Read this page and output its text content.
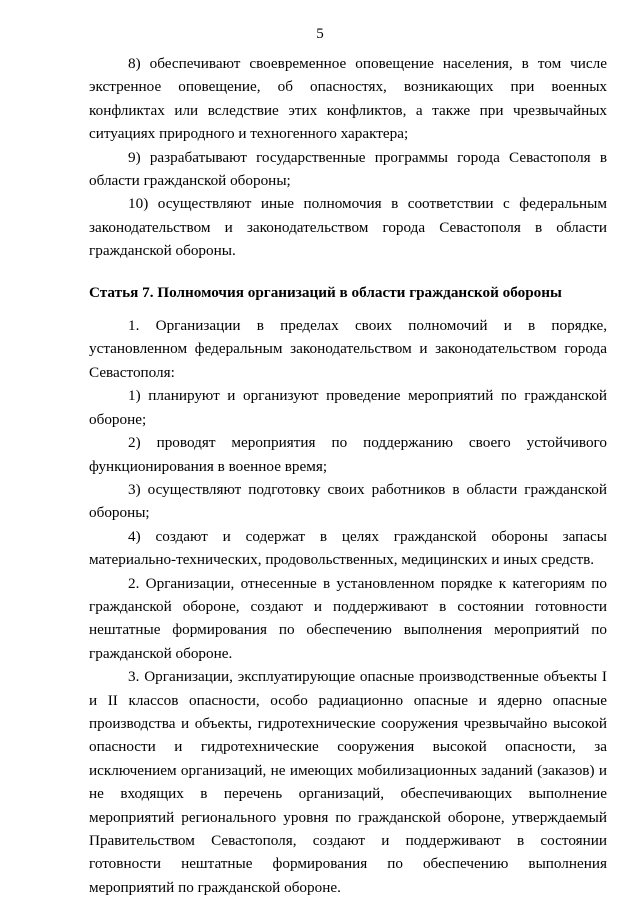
5

8) обеспечивают своевременное оповещение населения, в том числе экстренное оповещение, об опасностях, возникающих при военных конфликтах или вследствие этих конфликтов, а также при чрезвычайных ситуациях природного и техногенного характера;

9) разрабатывают государственные программы города Севастополя в области гражданской обороны;

10) осуществляют иные полномочия в соответствии с федеральным законодательством и законодательством города Севастополя в области гражданской обороны.

Статья 7. Полномочия организаций в области гражданской обороны

1. Организации в пределах своих полномочий и в порядке, установленном федеральным законодательством и законодательством города Севастополя:

1) планируют и организуют проведение мероприятий по гражданской обороне;

2) проводят мероприятия по поддержанию своего устойчивого функционирования в военное время;

3) осуществляют подготовку своих работников в области гражданской обороны;

4) создают и содержат в целях гражданской обороны запасы материально-технических, продовольственных, медицинских и иных средств.

2. Организации, отнесенные в установленном порядке к категориям по гражданской обороне, создают и поддерживают в состоянии готовности нештатные формирования по обеспечению выполнения мероприятий по гражданской обороне.

3. Организации, эксплуатирующие опасные производственные объекты I и II классов опасности, особо радиационно опасные и ядерно опасные производства и объекты, гидротехнические сооружения чрезвычайно высокой опасности и гидротехнические сооружения высокой опасности, за исключением организаций, не имеющих мобилизационных заданий (заказов) и не входящих в перечень организаций, обеспечивающих выполнение мероприятий регионального уровня по гражданской обороне, утверждаемый Правительством Севастополя, создают и поддерживают в состоянии готовности нештатные формирования по обеспечению выполнения мероприятий по гражданской обороне.
